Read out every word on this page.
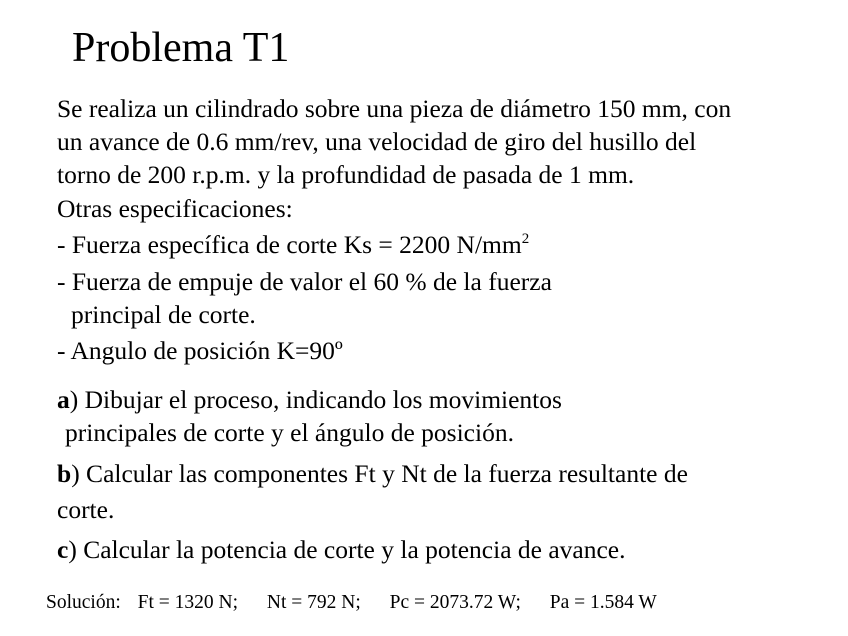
Problema T1
Se realiza un cilindrado sobre una pieza de diámetro 150 mm, con
un avance de 0.6 mm/rev, una velocidad de giro del husillo del
torno de 200 r.p.m. y la profundidad de pasada de 1 mm.
Otras especificaciones:
- Fuerza específica de corte Ks = 2200 $N/mm^2$
- Fuerza de empuje de valor el 60 % de la fuerza
principal de corte.
- Angulo de posición K=90º
a) Dibujar el proceso, indicando los movimientos
principales de corte y el ángulo de posición.
b) Calcular las componentes Ft y Nt de la fuerza resultante de
corte.
c) Calcular la potencia de corte y la potencia de avance.
Solución: Ft = 1320 N; Nt = 792 N; Pc = 2073.72 W; Pa = 1.584 W
